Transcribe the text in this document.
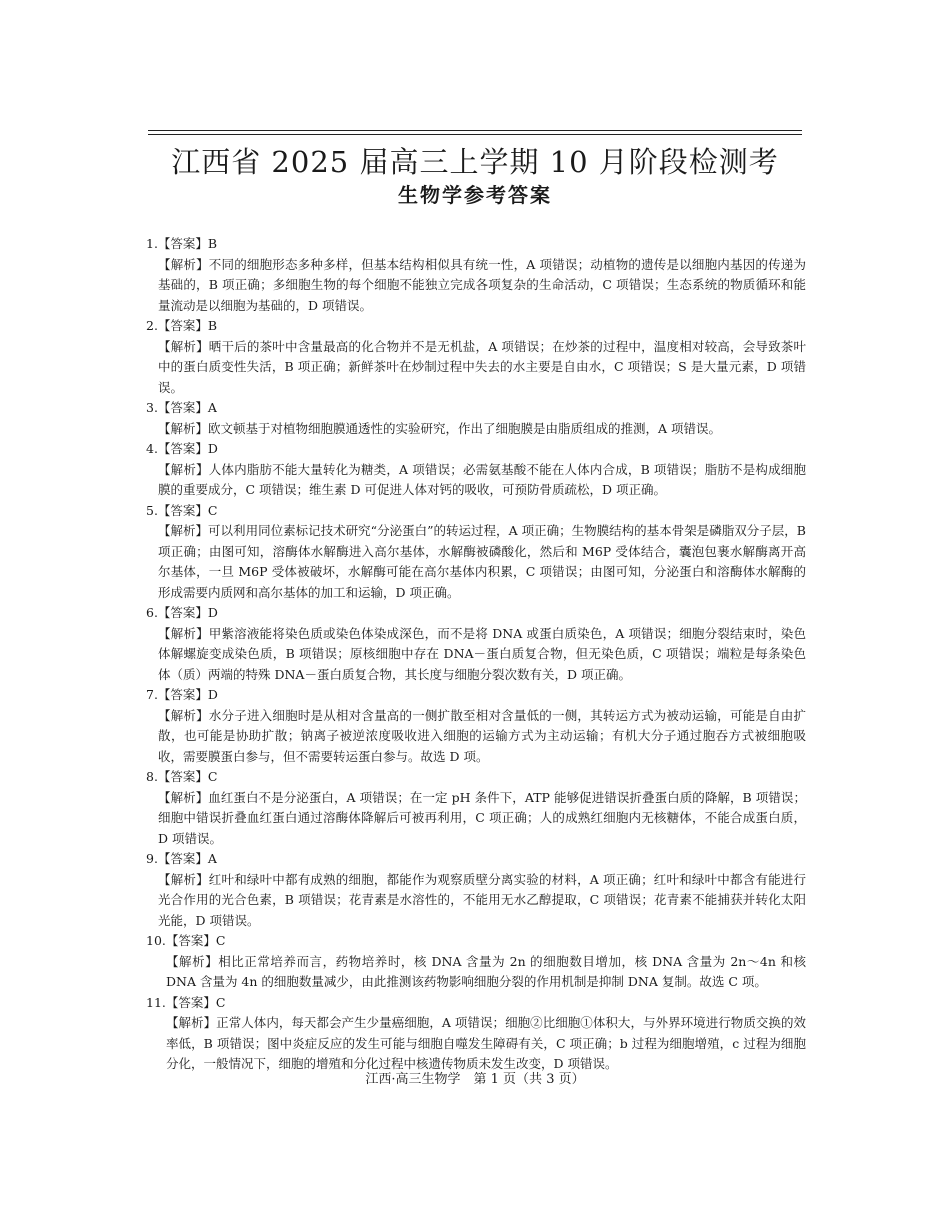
江西省 2025 届高三上学期 10 月阶段检测考
生物学参考答案
1.【答案】B
【解析】不同的细胞形态多种多样，但基本结构相似具有统一性，A 项错误；动植物的遗传是以细胞内基因的传递为基础的，B 项正确；多细胞生物的每个细胞不能独立完成各项复杂的生命活动，C 项错误；生态系统的物质循环和能量流动是以细胞为基础的，D 项错误。
2.【答案】B
【解析】晒干后的茶叶中含量最高的化合物并不是无机盐，A 项错误；在炒茶的过程中，温度相对较高，会导致茶叶中的蛋白质变性失活，B 项正确；新鲜茶叶在炒制过程中失去的水主要是自由水，C 项错误；S 是大量元素，D 项错误。
3.【答案】A
【解析】欧文顿基于对植物细胞膜通透性的实验研究，作出了细胞膜是由脂质组成的推测，A 项错误。
4.【答案】D
【解析】人体内脂肪不能大量转化为糖类，A 项错误；必需氨基酸不能在人体内合成，B 项错误；脂肪不是构成细胞膜的重要成分，C 项错误；维生素 D 可促进人体对钙的吸收，可预防骨质疏松，D 项正确。
5.【答案】C
【解析】可以利用同位素标记技术研究“分泌蛋白”的转运过程，A 项正确；生物膜结构的基本骨架是磷脂双分子层，B 项正确；由图可知，溶酶体水解酶进入高尔基体，水解酶被磷酸化，然后和 M6P 受体结合，囊泡包裹水解酶离开高尔基体，一旦 M6P 受体被破坏，水解酶可能在高尔基体内积累，C 项错误；由图可知，分泌蛋白和溶酶体水解酶的形成需要内质网和高尔基体的加工和运输，D 项正确。
6.【答案】D
【解析】甲紫溶液能将染色质或染色体染成深色，而不是将 DNA 或蛋白质染色，A 项错误；细胞分裂结束时，染色体解螺旋变成染色质，B 项错误；原核细胞中存在 DNA－蛋白质复合物，但无染色质，C 项错误；端粒是每条染色体（质）两端的特殊 DNA－蛋白质复合物，其长度与细胞分裂次数有关，D 项正确。
7.【答案】D
【解析】水分子进入细胞时是从相对含量高的一侧扩散至相对含量低的一侧，其转运方式为被动运输，可能是自由扩散，也可能是协助扩散；钠离子被逆浓度吸收进入细胞的运输方式为主动运输；有机大分子通过胞吞方式被细胞吸收，需要膜蛋白参与，但不需要转运蛋白参与。故选 D 项。
8.【答案】C
【解析】血红蛋白不是分泌蛋白，A 项错误；在一定 pH 条件下，ATP 能够促进错误折叠蛋白质的降解，B 项错误；细胞中错误折叠血红蛋白通过溶酶体降解后可被再利用，C 项正确；人的成熟红细胞内无核糖体，不能合成蛋白质，D 项错误。
9.【答案】A
【解析】红叶和绿叶中都有成熟的细胞，都能作为观察质壁分离实验的材料，A 项正确；红叶和绿叶中都含有能进行光合作用的光合色素，B 项错误；花青素是水溶性的，不能用无水乙醇提取，C 项错误；花青素不能捕获并转化太阳光能，D 项错误。
10.【答案】C
【解析】相比正常培养而言，药物培养时，核 DNA 含量为 2n 的细胞数目增加，核 DNA 含量为 2n～4n 和核 DNA 含量为 4n 的细胞数量减少，由此推测该药物影响细胞分裂的作用机制是抑制 DNA 复制。故选 C 项。
11.【答案】C
【解析】正常人体内，每天都会产生少量癌细胞，A 项错误；细胞②比细胞①体积大，与外界环境进行物质交换的效率低，B 项错误；图中炎症反应的发生可能与细胞自噬发生障碍有关，C 项正确；b 过程为细胞增殖，c 过程为细胞分化，一般情况下，细胞的增殖和分化过程中核遗传物质未发生改变，D 项错误。
江西·高三生物学　第 1 页（共 3 页）
